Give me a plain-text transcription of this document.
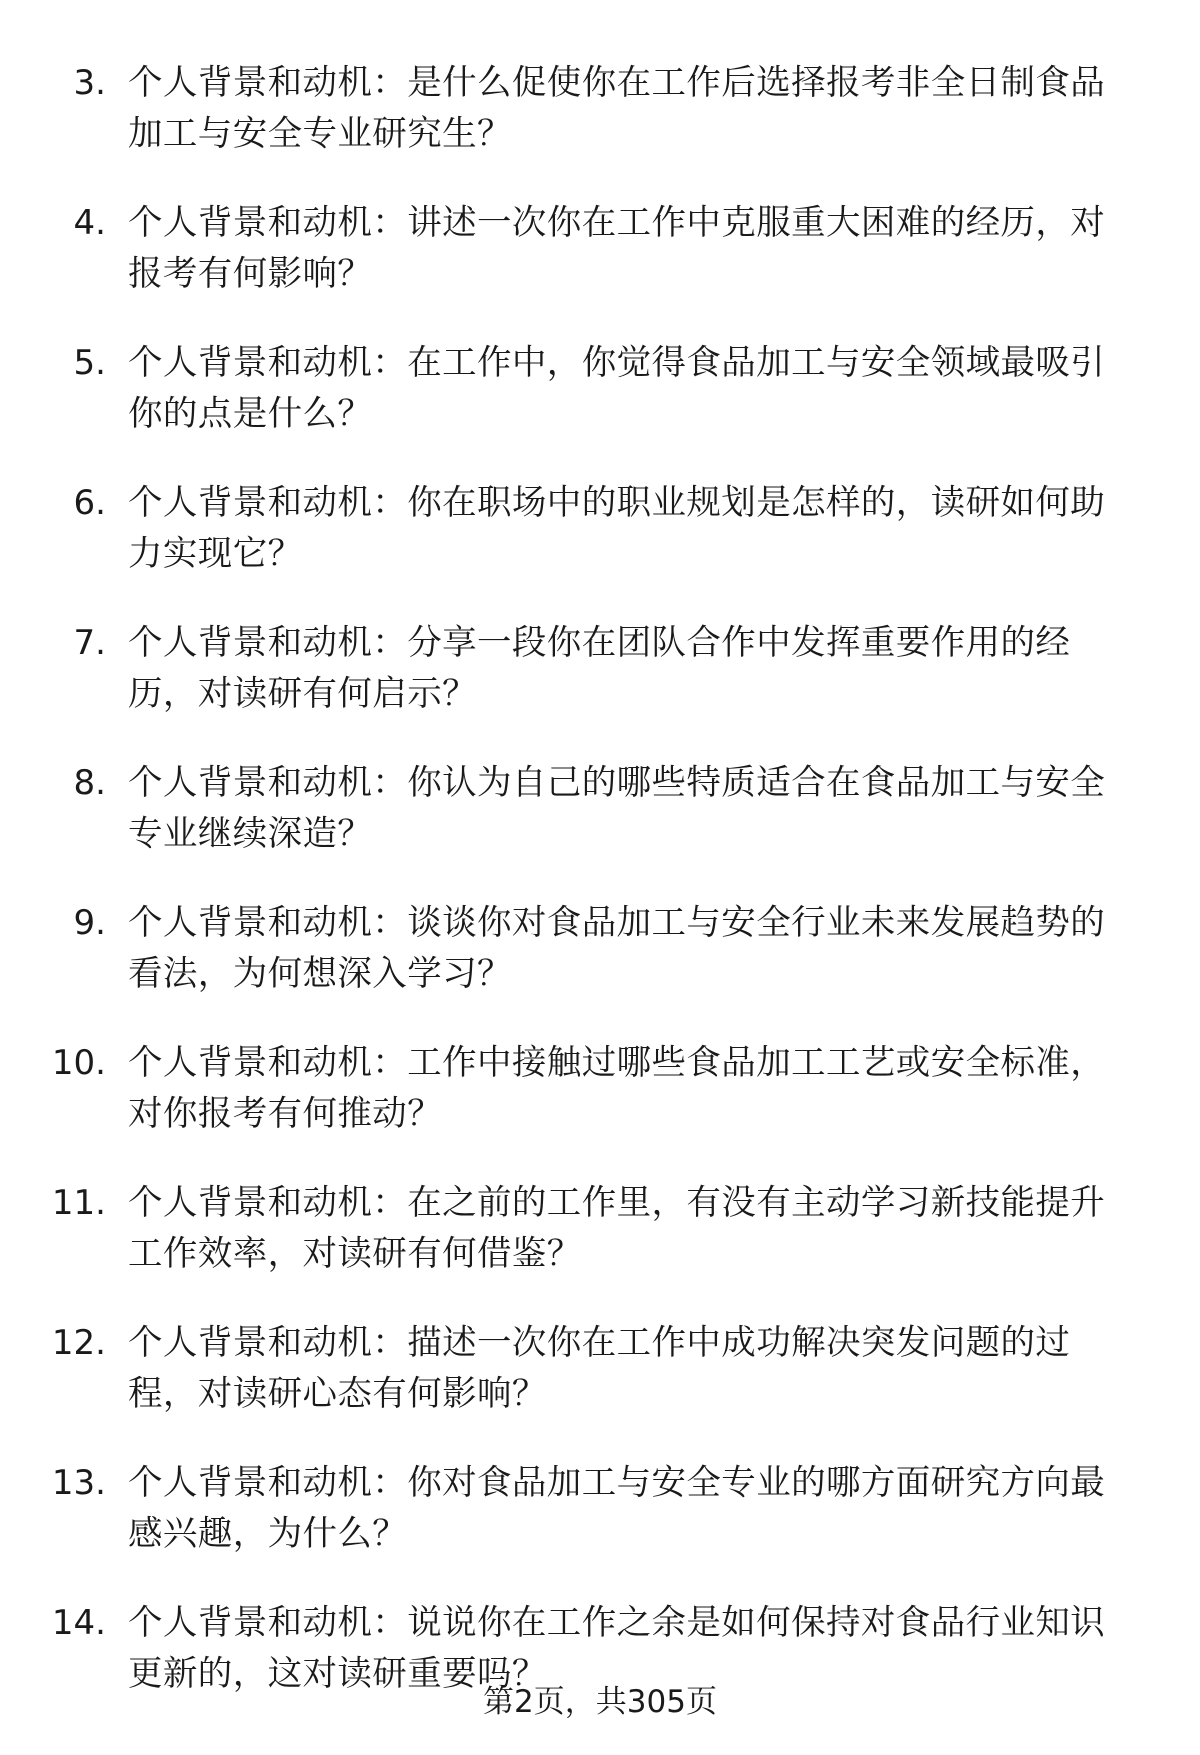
3. 个人背景和动机：是什么促使你在工作后选择报考非全日制食品加工与安全专业研究生？

4. 个人背景和动机：讲述一次你在工作中克服重大困难的经历，对报考有何影响？

5. 个人背景和动机：在工作中，你觉得食品加工与安全领域最吸引你的点是什么？

6. 个人背景和动机：你在职场中的职业规划是怎样的，读研如何助力实现它？

7. 个人背景和动机：分享一段你在团队合作中发挥重要作用的经历，对读研有何启示？

8. 个人背景和动机：你认为自己的哪些特质适合在食品加工与安全专业继续深造？

9. 个人背景和动机：谈谈你对食品加工与安全行业未来发展趋势的看法，为何想深入学习？

10. 个人背景和动机：工作中接触过哪些食品加工工艺或安全标准，对你报考有何推动？

11. 个人背景和动机：在之前的工作里，有没有主动学习新技能提升工作效率，对读研有何借鉴？

12. 个人背景和动机：描述一次你在工作中成功解决突发问题的过程，对读研心态有何影响？

13. 个人背景和动机：你对食品加工与安全专业的哪方面研究方向最感兴趣，为什么？

14. 个人背景和动机：说说你在工作之余是如何保持对食品行业知识更新的，这对读研重要吗？

第2页，共305页
